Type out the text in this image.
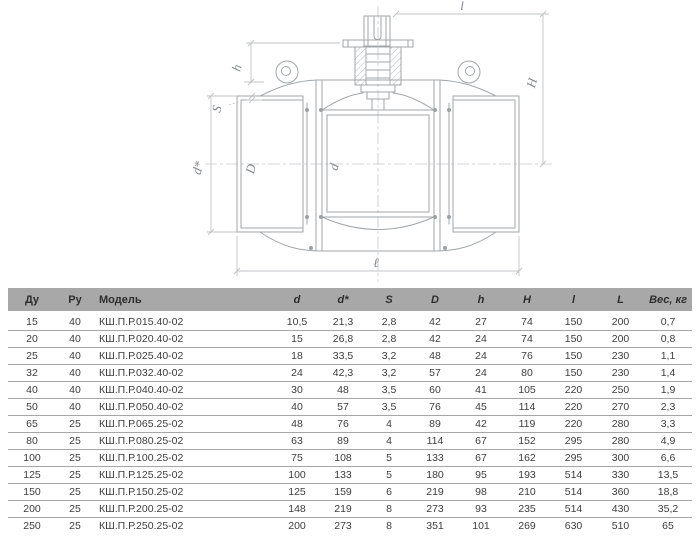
h
S
d*	D	d
l
H
ℓ
Ду	Ру	Модель	d	d*	S	D	h	H	l	L	Вес, кг
15	40	КШ.П.Р.015.40-02	10,5	21,3	2,8	42	27	74	150	200	0,7
20	40	КШ.П.Р.020.40-02	15	26,8	2,8	42	24	74	150	200	0,8
25	40	КШ.П.Р.025.40-02	18	33,5	3,2	48	24	76	150	230	1,1
32	40	КШ.П.Р.032.40-02	24	42,3	3,2	57	24	80	150	230	1,4
40	40	КШ.П.Р.040.40-02	30	48	3,5	60	41	105	220	250	1,9
50	40	КШ.П.Р.050.40-02	40	57	3,5	76	45	114	220	270	2,3
65	25	КШ.П.Р.065.25-02	48	76	4	89	42	119	220	280	3,3
80	25	КШ.П.Р.080.25-02	63	89	4	114	67	152	295	280	4,9
100	25	КШ.П.Р.100.25-02	75	108	5	133	67	162	295	300	6,6
125	25	КШ.П.Р.125.25-02	100	133	5	180	95	193	514	330	13,5
150	25	КШ.П.Р.150.25-02	125	159	6	219	98	210	514	360	18,8
200	25	КШ.П.Р.200.25-02	148	219	8	273	93	235	514	430	35,2
250	25	КШ.П.Р.250.25-02	200	273	8	351	101	269	630	510	65
